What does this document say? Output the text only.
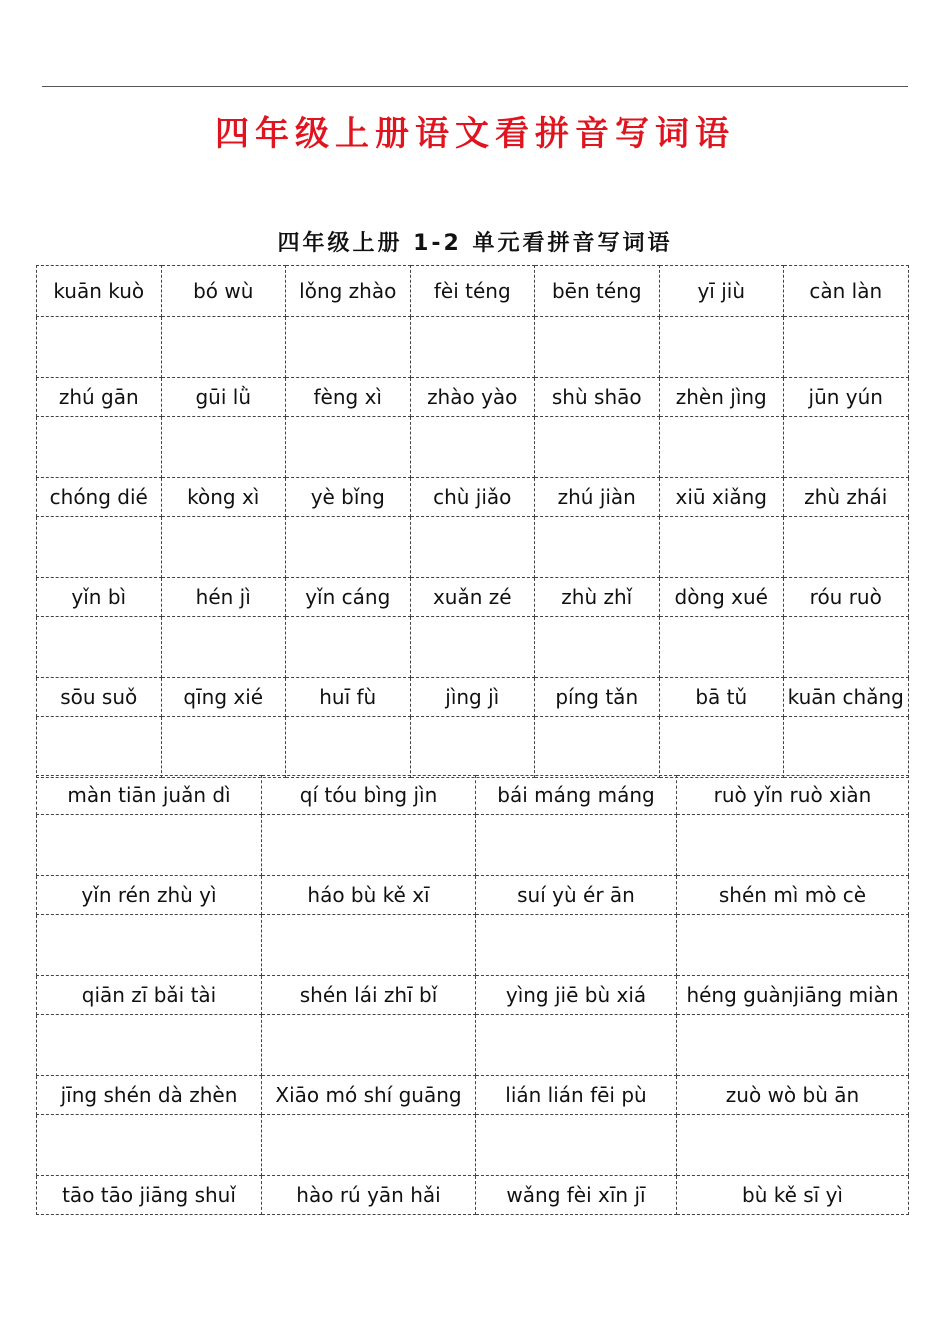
四年级上册语文看拼音写词语
四年级上册 1-2 单元看拼音写词语
kuān kuò	bó wù	lǒng zhào	fèi téng	bēn téng	yī jiù	càn làn

zhú gān	gūi lǜ	fèng xì	zhào yào	shù shāo	zhèn jìng	jūn yún

chóng dié	kòng xì	yè bǐng	chù jiǎo	zhú jiàn	xiū xiǎng	zhù zhái

yǐn bì	hén jì	yǐn cáng	xuǎn zé	zhù zhǐ	dòng xué	róu ruò

sōu suǒ	qīng xié	huī fù	jìng jì	píng tǎn	bā tǔ	kuān chǎng

màn tiān juǎn dì	qí tóu bìng jìn	bái máng máng	ruò yǐn ruò xiàn

yǐn rén zhù yì	háo bù kě xī	suí yù ér ān	shén mì mò cè

qiān zī bǎi tài	shén lái zhī bǐ	yìng jiē bù xiá	héng guànjiāng miàn

jīng shén dà zhèn	Xiāo mó shí guāng	lián lián fēi pù	zuò wò bù ān

tāo tāo jiāng shuǐ	hào rú yān hǎi	wǎng fèi xīn jī	bù kě sī yì
